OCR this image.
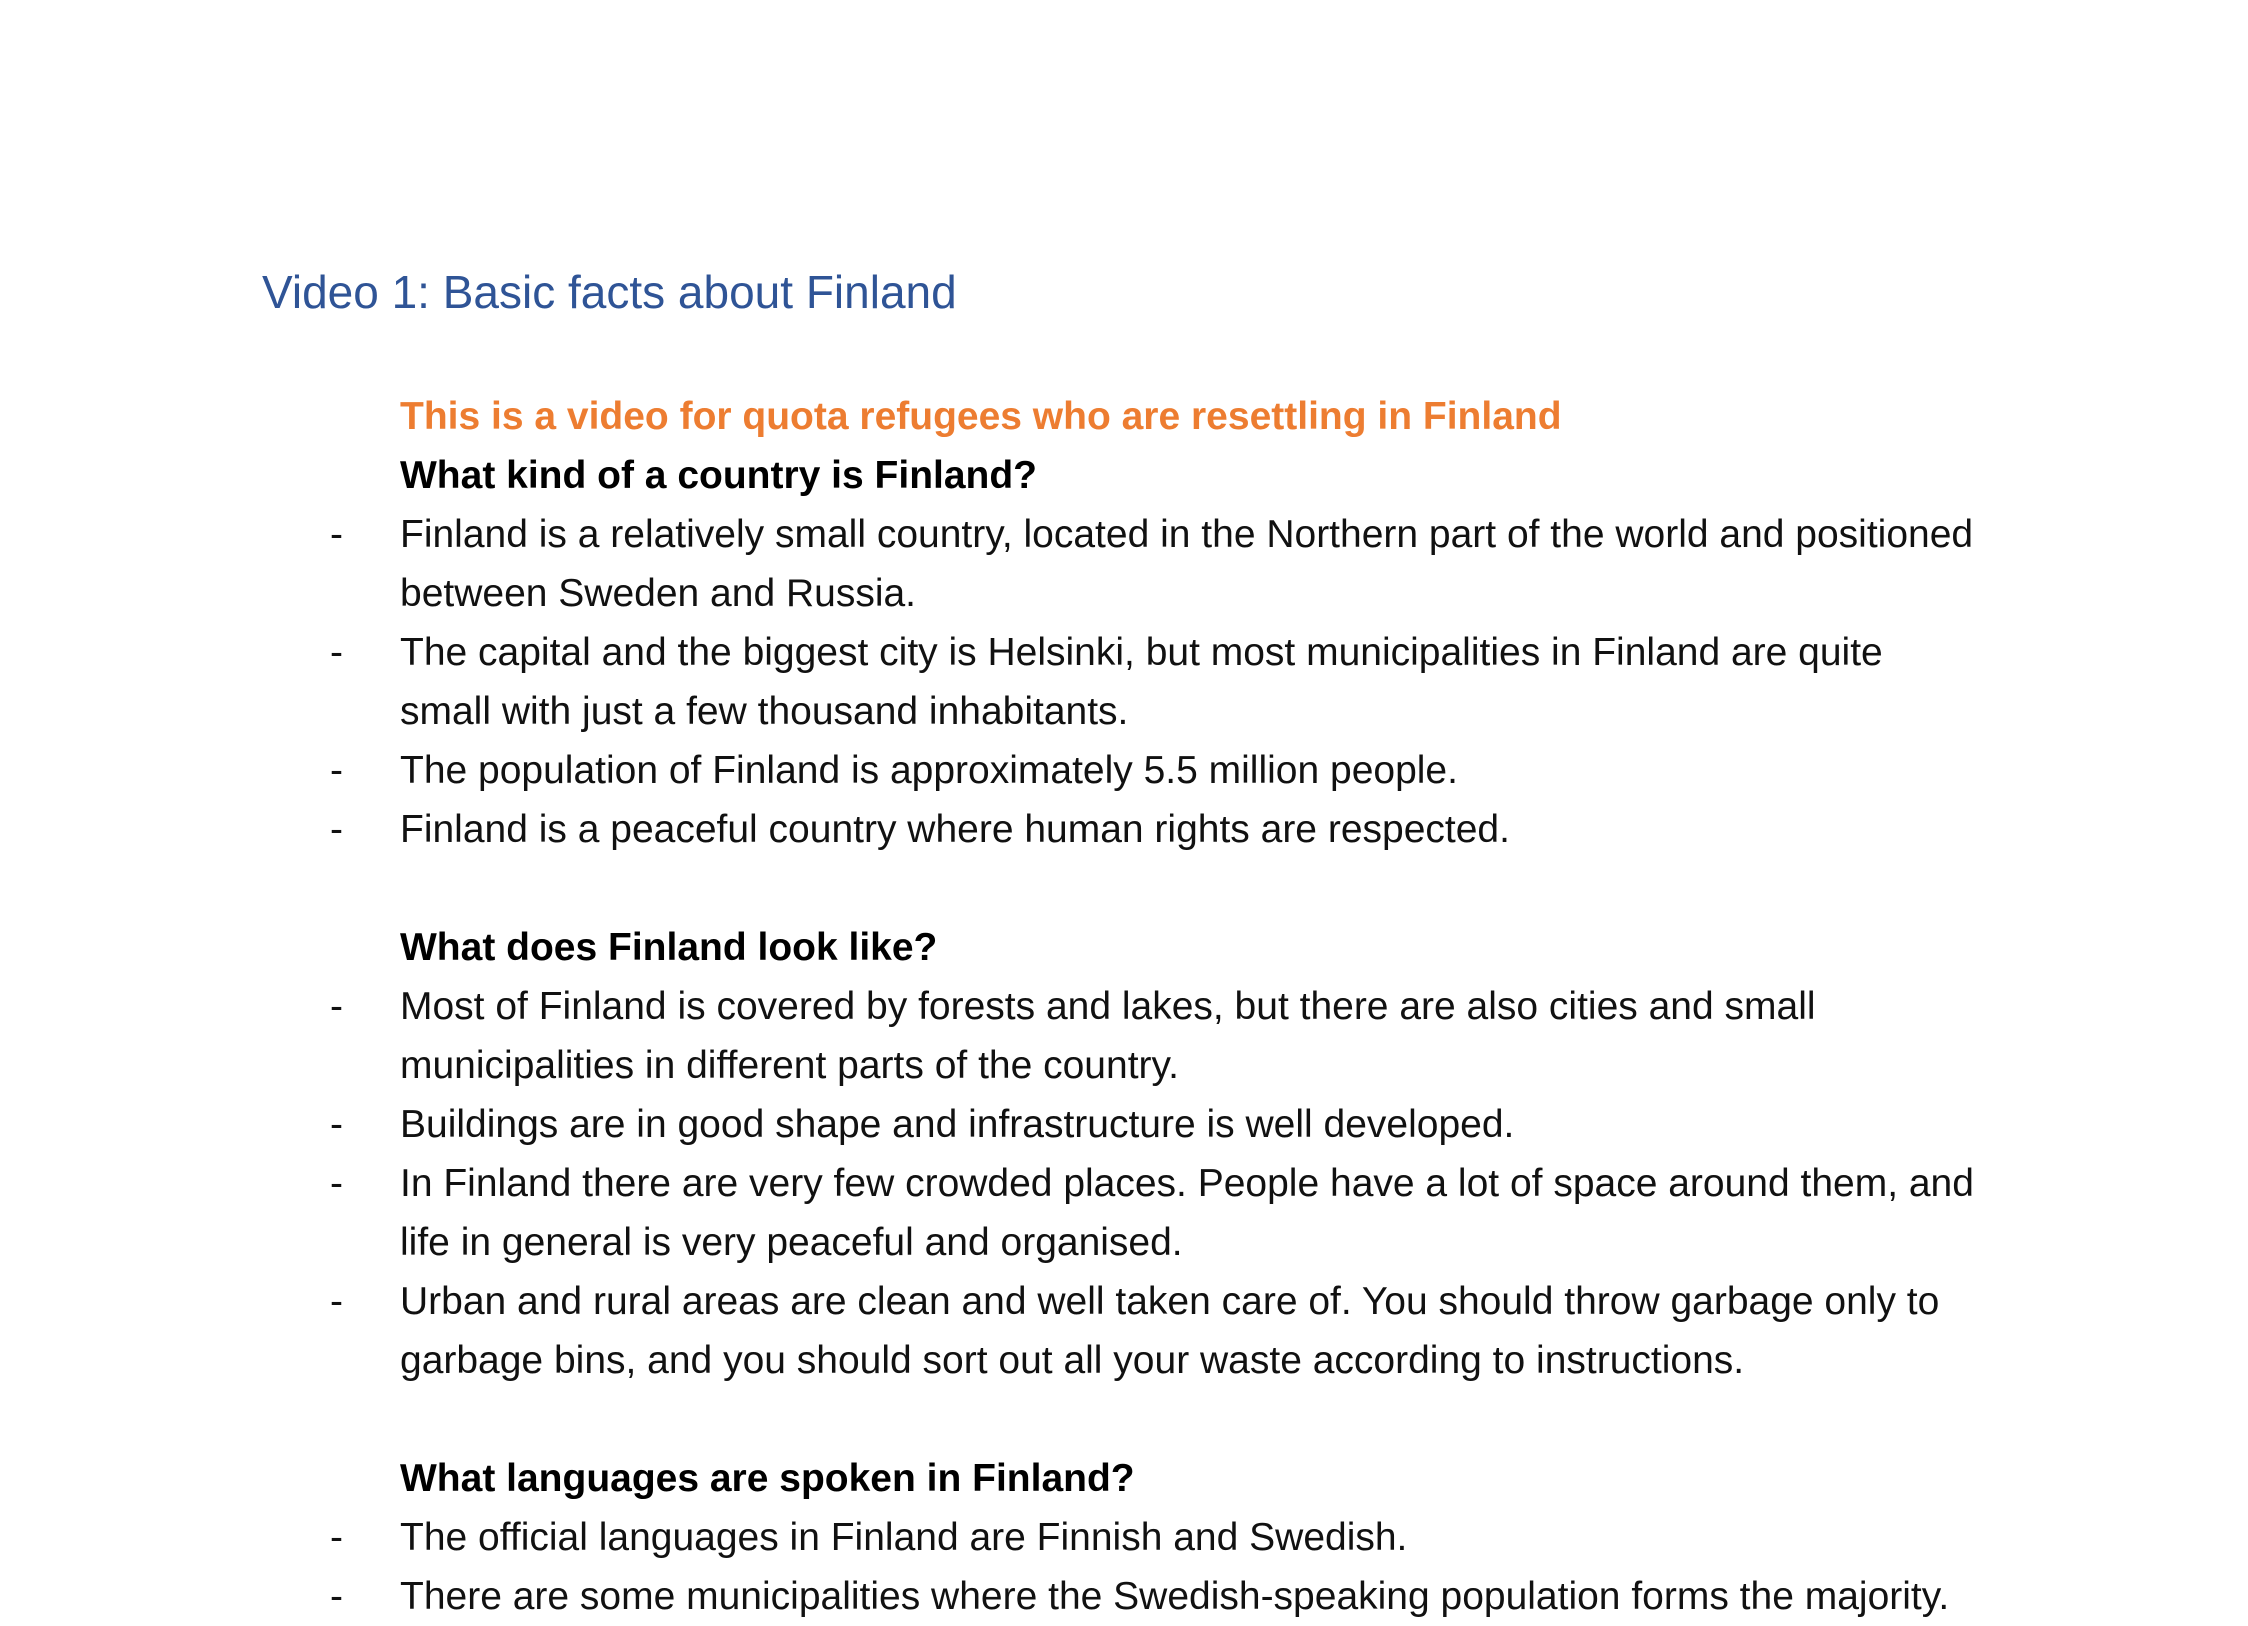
Video 1: Basic facts about Finland

This is a video for quota refugees who are resettling in Finland

What kind of a country is Finland?
-	Finland is a relatively small country, located in the Northern part of the world and positioned between Sweden and Russia.
-	The capital and the biggest city is Helsinki, but most municipalities in Finland are quite small with just a few thousand inhabitants.
-	The population of Finland is approximately 5.5 million people.
-	Finland is a peaceful country where human rights are respected.
What does Finland look like?
-	Most of Finland is covered by forests and lakes, but there are also cities and small municipalities in different parts of the country.
-	Buildings are in good shape and infrastructure is well developed.
-	In Finland there are very few crowded places. People have a lot of space around them, and life in general is very peaceful and organised.
-	Urban and rural areas are clean and well taken care of. You should throw garbage only to garbage bins, and you should sort out all your waste according to instructions.
What languages are spoken in Finland?
-	The official languages in Finland are Finnish and Swedish.
-	There are some municipalities where the Swedish-speaking population forms the majority.
